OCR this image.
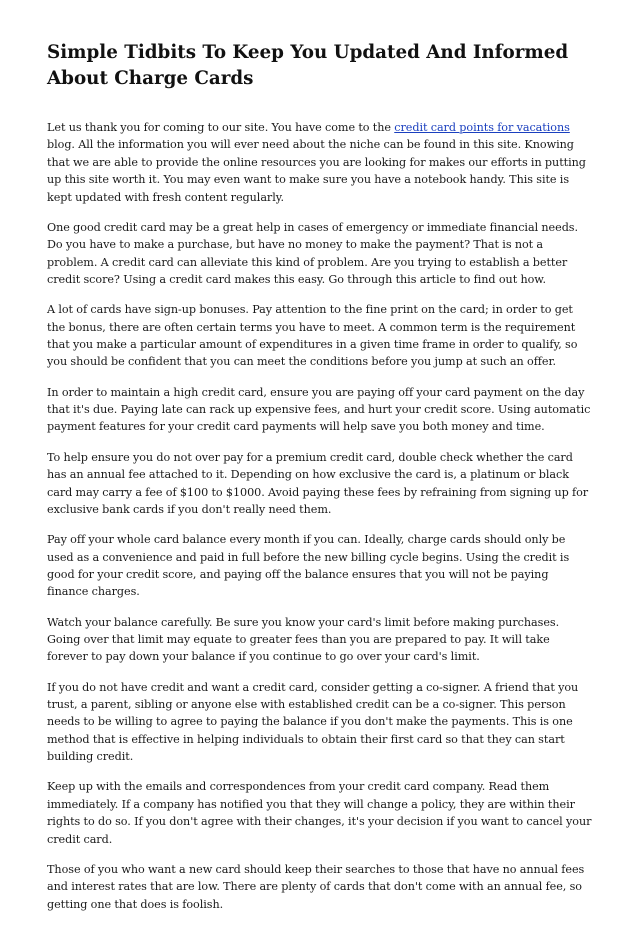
Simple Tidbits To Keep You Updated And Informed About Charge Cards

Let us thank you for coming to our site. You have come to the credit card points for vacations blog. All the information you will ever need about the niche can be found in this site. Knowing that we are able to provide the online resources you are looking for makes our efforts in putting up this site worth it. You may even want to make sure you have a notebook handy. This site is kept updated with fresh content regularly.

One good credit card may be a great help in cases of emergency or immediate financial needs. Do you have to make a purchase, but have no money to make the payment? That is not a problem. A credit card can alleviate this kind of problem. Are you trying to establish a better credit score? Using a credit card makes this easy. Go through this article to find out how.

A lot of cards have sign-up bonuses. Pay attention to the fine print on the card; in order to get the bonus, there are often certain terms you have to meet. A common term is the requirement that you make a particular amount of expenditures in a given time frame in order to qualify, so you should be confident that you can meet the conditions before you jump at such an offer.

In order to maintain a high credit card, ensure you are paying off your card payment on the day that it's due. Paying late can rack up expensive fees, and hurt your credit score. Using automatic payment features for your credit card payments will help save you both money and time.

To help ensure you do not over pay for a premium credit card, double check whether the card has an annual fee attached to it. Depending on how exclusive the card is, a platinum or black card may carry a fee of $100 to $1000. Avoid paying these fees by refraining from signing up for exclusive bank cards if you don't really need them.

Pay off your whole card balance every month if you can. Ideally, charge cards should only be used as a convenience and paid in full before the new billing cycle begins. Using the credit is good for your credit score, and paying off the balance ensures that you will not be paying finance charges.

Watch your balance carefully. Be sure you know your card's limit before making purchases. Going over that limit may equate to greater fees than you are prepared to pay. It will take forever to pay down your balance if you continue to go over your card's limit.

If you do not have credit and want a credit card, consider getting a co-signer. A friend that you trust, a parent, sibling or anyone else with established credit can be a co-signer. This person needs to be willing to agree to paying the balance if you don't make the payments. This is one method that is effective in helping individuals to obtain their first card so that they can start building credit.

Keep up with the emails and correspondences from your credit card company. Read them immediately. If a company has notified you that they will change a policy, they are within their rights to do so. If you don't agree with their changes, it's your decision if you want to cancel your credit card.

Those of you who want a new card should keep their searches to those that have no annual fees and interest rates that are low. There are plenty of cards that don't come with an annual fee, so getting one that does is foolish.
